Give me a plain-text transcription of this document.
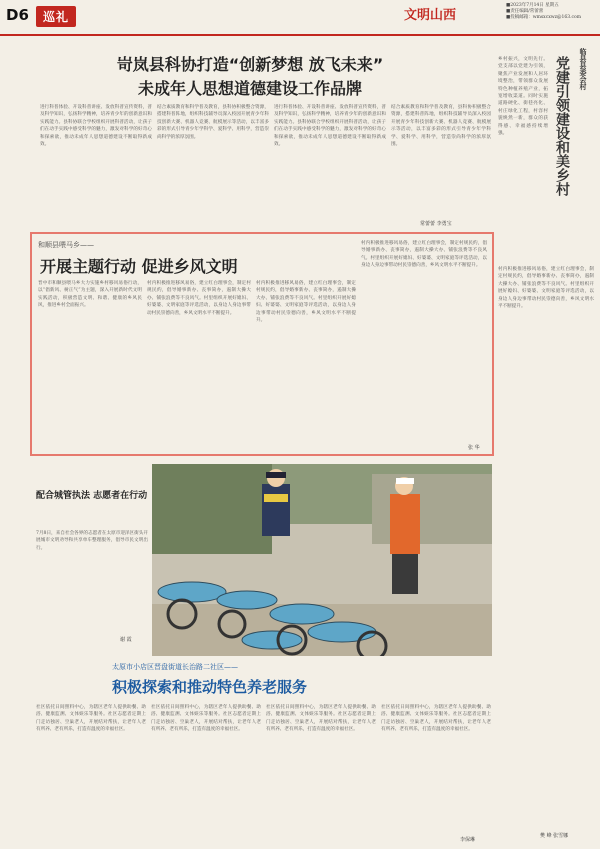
D6	巡礼	文明山西
■2023年7月14日 星期五
■责任编辑/常蕾蕾
■投稿邮箱：wmsxcxwz@163.com
岢岚县科协打造“创新梦想 放飞未来”
未成年人思想道德建设工作品牌
进行科普体验、开设科普讲座、发放科普宣传资料，普及科学知识，弘扬科学精神，培养青少年的创新意识和实践能力。县科协联合学校组织开展科普活动，让孩子们在动手实践中感受科学的魅力，激发对科学的好奇心和探索欲，推动未成年人思想道德建设不断取得新成效。
结合素质教育和科学普及教育，县科协积极整合资源，搭建科普阵地，组织科技辅导员深入校园开展青少年科技创新大赛、机器人竞赛、航模展示等活动，以丰富多彩的形式引导青少年学科学、爱科学、用科学，营造崇尚科学的浓厚氛围。
进行科普体验、开设科普讲座、发放科普宣传资料，普及科学知识，弘扬科学精神，培养青少年的创新意识和实践能力。县科协联合学校组织开展科普活动，让孩子们在动手实践中感受科学的魅力，激发对科学的好奇心和探索欲，推动未成年人思想道德建设不断取得新成效。
结合素质教育和科学普及教育，县科协积极整合资源，搭建科普阵地，组织科技辅导员深入校园开展青少年科技创新大赛、机器人竞赛、航模展示等活动，以丰富多彩的形式引导青少年学科学、爱科学、用科学，营造崇尚科学的浓厚氛围。
常蕾蕾 李勇宝
临县县委会村
党建引领建设和美乡村
乡村振兴，文明先行。党支部以党建为引领，聚焦产业发展和人居环境整治，带领群众发展特色种植养殖产业，拓宽增收渠道。同时实施道路硬化、街巷亮化、村庄绿化工程，村容村貌焕然一新，群众的获得感、幸福感持续增强。
村内积极推进移风易俗，建立红白理事会，制定村规民约，倡导婚事新办、丧事简办，遏制大操大办、铺张浪费等不良风气。村里组织开展好媳妇、好婆婆、文明家庭等评选活动，以身边人身边事带动村民崇德向善，乡风文明水平不断提升。
樊 峰 张雪娜
和顺县喂马乡——
开展主题行动 促进乡风文明
晋中市和顺县喂马乡大力实施乡村移风易俗行动，以“倡新风、树正气”为主题，深入开展新时代文明实践活动，积极营造文明、和谐、健康的乡风民风，推进乡村全面振兴。
村内积极推进移风易俗，建立红白理事会，制定村规民约，倡导婚事新办、丧事简办，遏制大操大办、铺张浪费等不良风气。村里组织开展好媳妇、好婆婆、文明家庭等评选活动，以身边人身边事带动村民崇德向善，乡风文明水平不断提升。
村内积极推进移风易俗，建立红白理事会，制定村规民约，倡导婚事新办、丧事简办，遏制大操大办、铺张浪费等不良风气。村里组织开展好媳妇、好婆婆、文明家庭等评选活动，以身边人身边事带动村民崇德向善，乡风文明水平不断提升。
村内积极推进移风易俗，建立红白理事会，制定村规民约，倡导婚事新办、丧事简办，遏制大操大办、铺张浪费等不良风气。村里组织开展好媳妇、好婆婆、文明家庭等评选活动，以身边人身边事带动村民崇德向善，乡风文明水平不断提升。
张 华
配合城管执法 志愿者在行动
7月8日，来自社会各界的志愿者在太原市迎泽区街头开展城市文明劝导和共享单车整理服务，倡导市民文明出行。
谢 霞
太原市小店区晋盘街道长治路二社区——
积极探索和推动特色养老服务
社区依托日间照料中心，为辖区老年人提供助餐、助浴、健康监测、文体娱乐等服务。社区志愿者定期上门走访独居、空巢老人，开展结对帮扶，让老年人老有所养、老有所乐，打造有温度的幸福社区。
社区依托日间照料中心，为辖区老年人提供助餐、助浴、健康监测、文体娱乐等服务。社区志愿者定期上门走访独居、空巢老人，开展结对帮扶，让老年人老有所养、老有所乐，打造有温度的幸福社区。
社区依托日间照料中心，为辖区老年人提供助餐、助浴、健康监测、文体娱乐等服务。社区志愿者定期上门走访独居、空巢老人，开展结对帮扶，让老年人老有所养、老有所乐，打造有温度的幸福社区。
社区依托日间照料中心，为辖区老年人提供助餐、助浴、健康监测、文体娱乐等服务。社区志愿者定期上门走访独居、空巢老人，开展结对帮扶，让老年人老有所养、老有所乐，打造有温度的幸福社区。
李保琳
